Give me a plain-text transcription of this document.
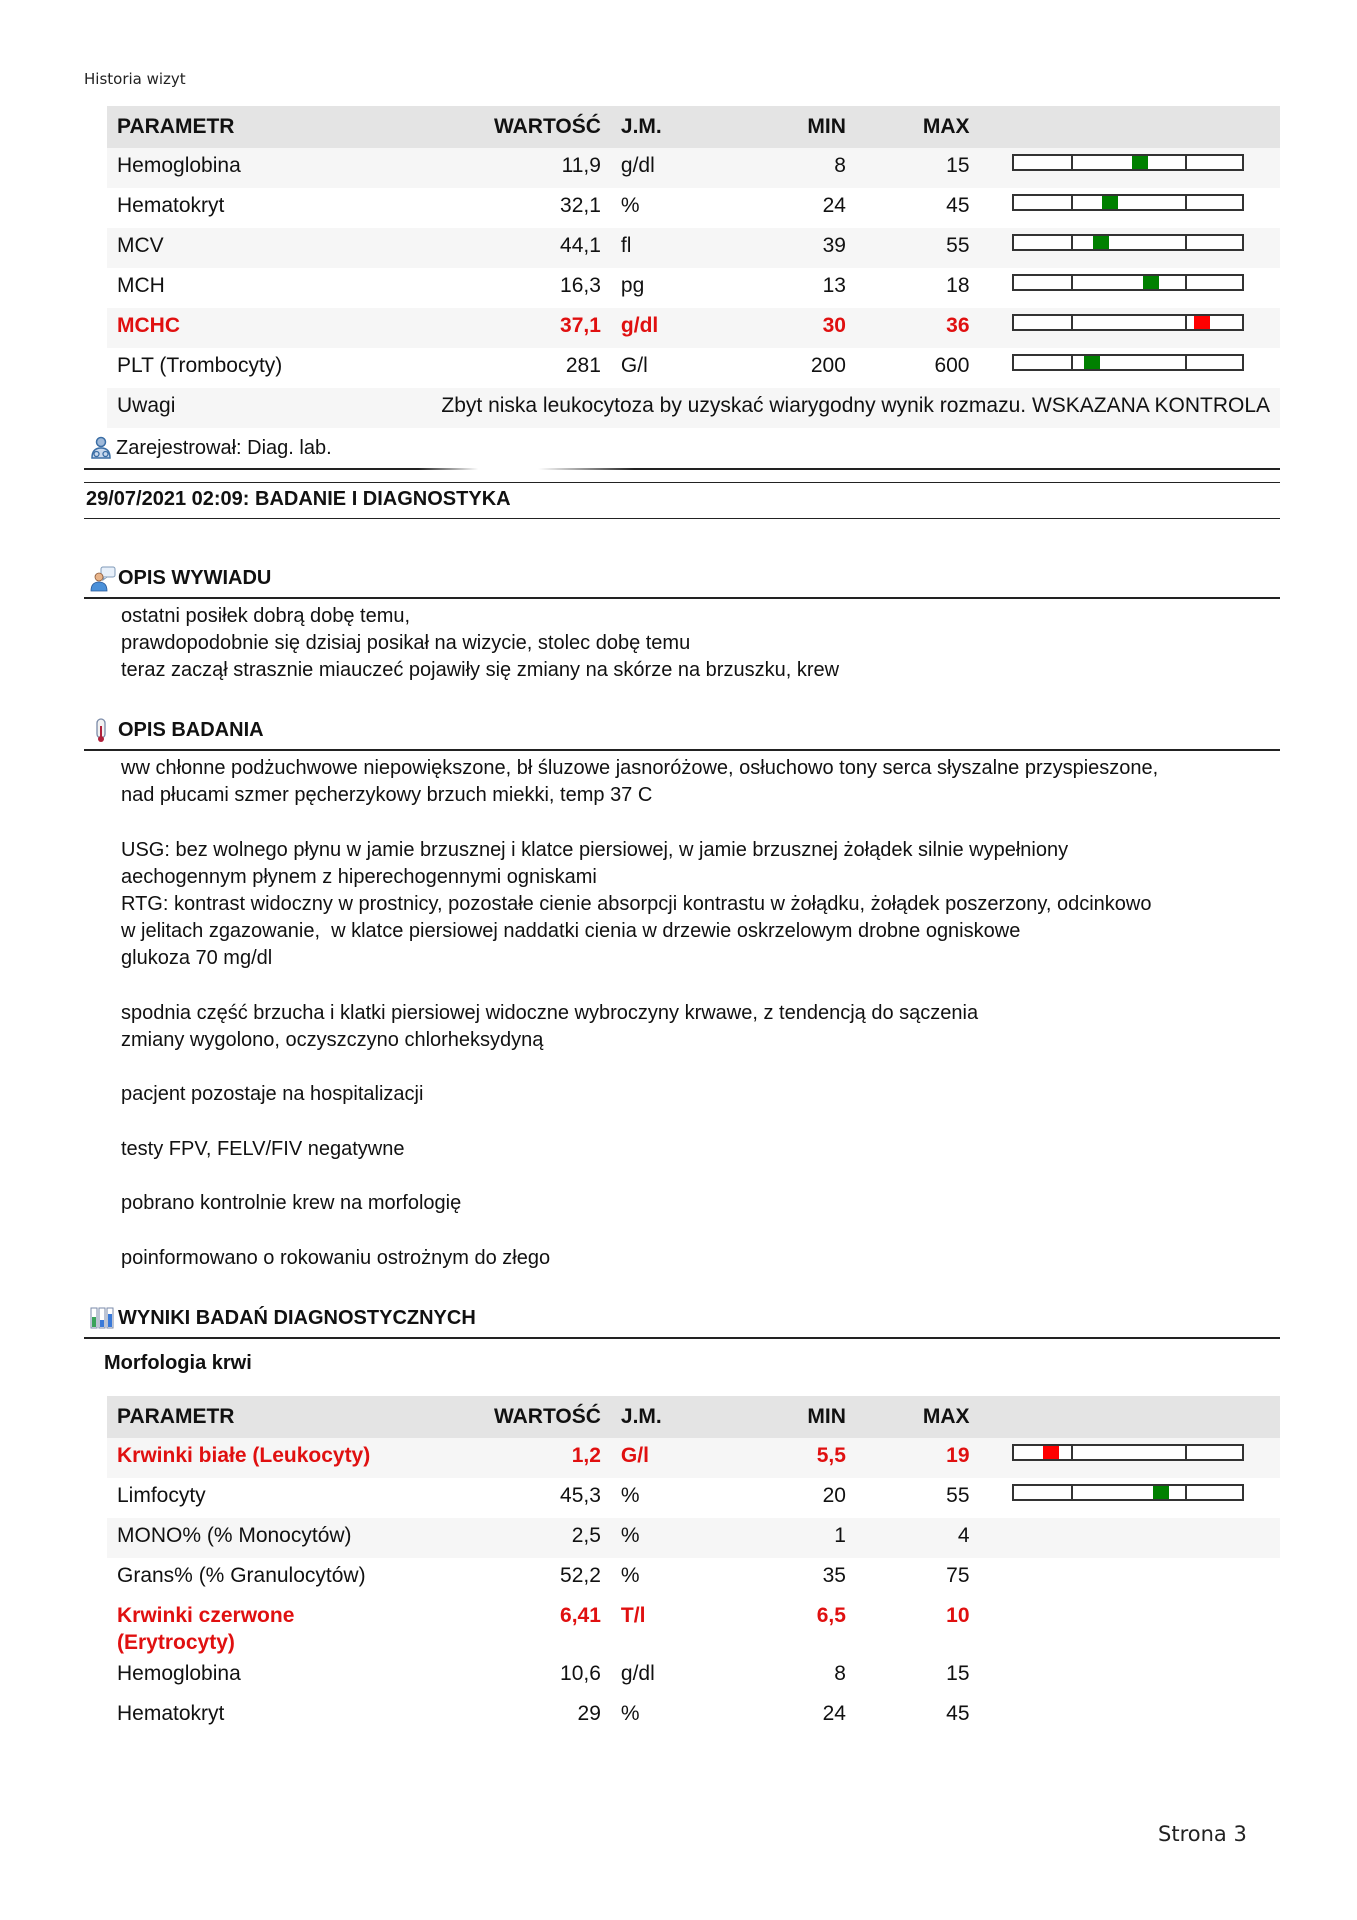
Historia wizyt
PARAMETR	WARTOŚĆ	J.M.	MIN	MAX	
Hemoglobina	11,9	g/dl	8	15	

Hematokryt	32,1	%	24	45	

MCV	44,1	fl	39	55	

MCH	16,3	pg	13	18	

MCHC	37,1	g/dl	30	36	

PLT (Trombocyty)	281	G/l	200	600	

Uwagi	Zbyt niska leukocytoza by uzyskać wiarygodny wynik rozmazu. WSKAZANA KONTROLA				
Zarejestrował: Diag. lab.

29/07/2021 02:09: BADANIE I DIAGNOSTYKA
OPIS WYWIADU

ostatni posiłek dobrą dobę temu,

prawdopodobnie się dzisiaj posikał na wizycie, stolec dobę temu

teraz zaczął strasznie miauczeć pojawiły się zmiany na skórze na brzuszku, krew

OPIS BADANIA

ww chłonne podżuchwowe niepowiększone, bł śluzowe jasnoróżowe, osłuchowo tony serca słyszalne przyspieszone,

nad płucami szmer pęcherzykowy brzuch miekki, temp 37 C

USG: bez wolnego płynu w jamie brzusznej i klatce piersiowej, w jamie brzusznej żołądek silnie wypełniony

aechogennym płynem z hiperechogennymi ogniskami

RTG: kontrast widoczny w prostnicy, pozostałe cienie absorpcji kontrastu w żołądku, żołądek poszerzony, odcinkowo

w jelitach zgazowanie,  w klatce piersiowej naddatki cienia w drzewie oskrzelowym drobne ogniskowe

glukoza 70 mg/dl

spodnia część brzucha i klatki piersiowej widoczne wybroczyny krwawe, z tendencją do sączenia

zmiany wygolono, oczyszczyno chlorheksydyną

pacjent pozostaje na hospitalizacji

testy FPV, FELV/FIV negatywne

pobrano kontrolnie krew na morfologię

poinformowano o rokowaniu ostrożnym do złego

WYNIKI BADAŃ DIAGNOSTYCZNYCH
Morfologia krwi
PARAMETR	WARTOŚĆ	J.M.	MIN	MAX	
Krwinki białe (Leukocyty)	1,2	G/l	5,5	19	

Limfocyty	45,3	%	20	55	

MONO% (% Monocytów)	2,5	%	1	4	
Grans% (% Granulocytów)	52,2	%	35	75	
Krwinki czerwone (Erytrocyty)	6,41	T/l	6,5	10	
Hemoglobina	10,6	g/dl	8	15	
Hematokryt	29	%	24	45	
Strona 3
